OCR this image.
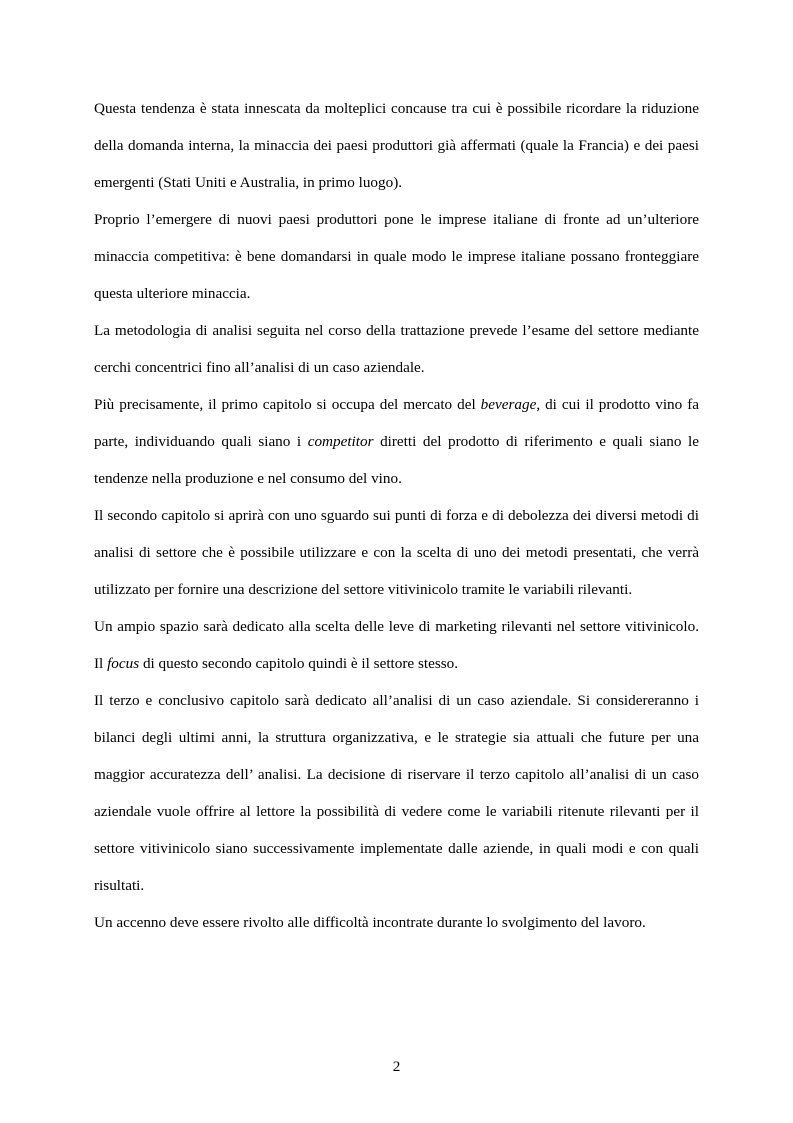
Questa tendenza è stata innescata da molteplici concause tra cui è possibile ricordare la riduzione della domanda interna, la minaccia dei paesi produttori già affermati (quale la Francia) e dei paesi emergenti (Stati Uniti e Australia, in primo luogo).

Proprio l’emergere di nuovi paesi produttori pone le imprese italiane di fronte ad un’ulteriore minaccia competitiva: è bene domandarsi in quale modo le imprese italiane possano fronteggiare questa ulteriore minaccia.

La metodologia di analisi seguita nel corso della trattazione prevede l’esame del settore mediante cerchi concentrici fino all’analisi di un caso aziendale.

Più precisamente, il primo capitolo si occupa del mercato del beverage, di cui il prodotto vino fa parte, individuando quali siano i competitor diretti del prodotto di riferimento e quali siano le tendenze nella produzione e nel consumo del vino.

Il secondo capitolo si aprirà con uno sguardo sui punti di forza e di debolezza dei diversi metodi di analisi di settore che è possibile utilizzare e con la scelta di uno dei metodi presentati, che verrà utilizzato per fornire una descrizione del settore vitivinicolo tramite le variabili rilevanti.

Un ampio spazio sarà dedicato alla scelta delle leve di marketing rilevanti nel settore vitivinicolo. Il focus di questo secondo capitolo quindi è il settore stesso.

Il terzo e conclusivo capitolo sarà dedicato all’analisi di un caso aziendale. Si considereranno i bilanci degli ultimi anni, la struttura organizzativa, e le strategie sia attuali che future per una maggior accuratezza dell’ analisi. La decisione di riservare il terzo capitolo all’analisi di un caso aziendale vuole offrire al lettore la possibilità di vedere come le variabili ritenute rilevanti per il settore vitivinicolo siano successivamente implementate dalle aziende, in quali modi e con quali risultati.

Un accenno deve essere rivolto alle difficoltà incontrate durante lo svolgimento del lavoro.

2
